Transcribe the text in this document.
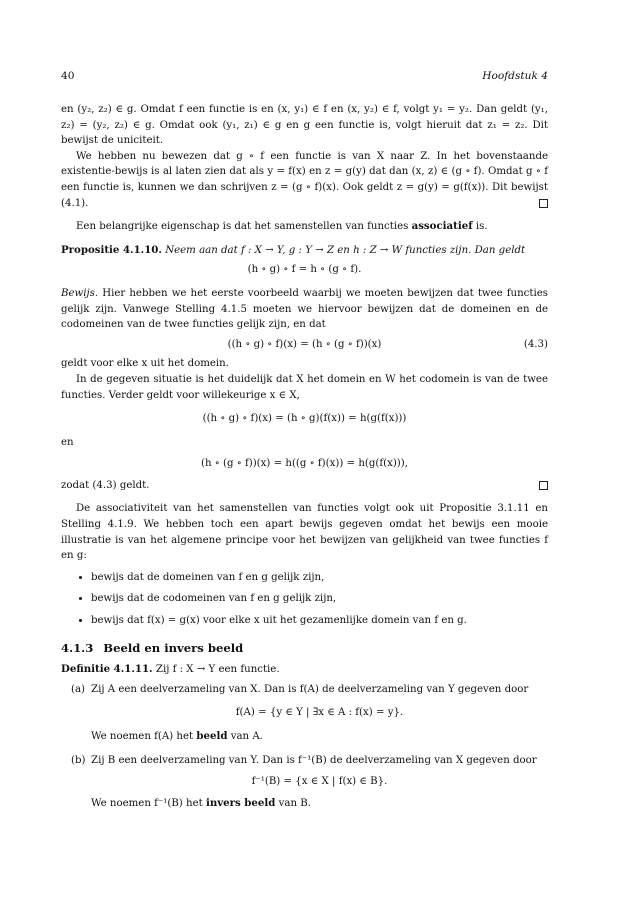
40	Hoofdstuk 4

en (y₂, z₂) ∈ g. Omdat f een functie is en (x, y₁) ∈ f en (x, y₂) ∈ f, volgt y₁ = y₂. Dan geldt (y₁, z₂) = (y₂, z₂) ∈ g. Omdat ook (y₁, z₁) ∈ g en g een functie is, volgt hieruit dat z₁ = z₂. Dit bewijst de uniciteit.

We hebben nu bewezen dat g ∘ f een functie is van X naar Z. In het bovenstaande existentie-bewijs is al laten zien dat als y = f(x) en z = g(y) dat dan (x, z) ∈ (g ∘ f). Omdat g ∘ f een functie is, kunnen we dan schrijven z = (g ∘ f)(x). Ook geldt z = g(y) = g(f(x)). Dit bewijst (4.1).

Een belangrijke eigenschap is dat het samenstellen van functies associatief is.

Propositie 4.1.10. Neem aan dat f : X → Y, g : Y → Z en h : Z → W functies zijn. Dan geldt

(h ∘ g) ∘ f = h ∘ (g ∘ f).

Bewijs. Hier hebben we het eerste voorbeeld waarbij we moeten bewijzen dat twee functies gelijk zijn. Vanwege Stelling 4.1.5 moeten we hiervoor bewijzen dat de domeinen en de codomeinen van de twee functies gelijk zijn, en dat

((h ∘ g) ∘ f)(x) = (h ∘ (g ∘ f))(x)	(4.3)

geldt voor elke x uit het domein.

In de gegeven situatie is het duidelijk dat X het domein en W het codomein is van de twee functies. Verder geldt voor willekeurige x ∈ X,

((h ∘ g) ∘ f)(x) = (h ∘ g)(f(x)) = h(g(f(x)))

en

(h ∘ (g ∘ f))(x) = h((g ∘ f)(x)) = h(g(f(x))),

zodat (4.3) geldt.

De associativiteit van het samenstellen van functies volgt ook uit Propositie 3.1.11 en Stelling 4.1.9. We hebben toch een apart bewijs gegeven omdat het bewijs een mooie illustratie is van het algemene principe voor het bewijzen van gelijkheid van twee functies f en g:

• bewijs dat de domeinen van f en g gelijk zijn,
• bewijs dat de codomeinen van f en g gelijk zijn,
• bewijs dat f(x) = g(x) voor elke x uit het gezamenlijke domein van f en g.
4.1.3 Beeld en invers beeld

Definitie 4.1.11. Zij f : X → Y een functie.

(a) Zij A een deelverzameling van X. Dan is f(A) de deelverzameling van Y gegeven door

f(A) = {y ∈ Y | ∃x ∈ A : f(x) = y}.

We noemen f(A) het beeld van A.

(b) Zij B een deelverzameling van Y. Dan is f⁻¹(B) de deelverzameling van X gegeven door

f⁻¹(B) = {x ∈ X | f(x) ∈ B}.

We noemen f⁻¹(B) het invers beeld van B.
